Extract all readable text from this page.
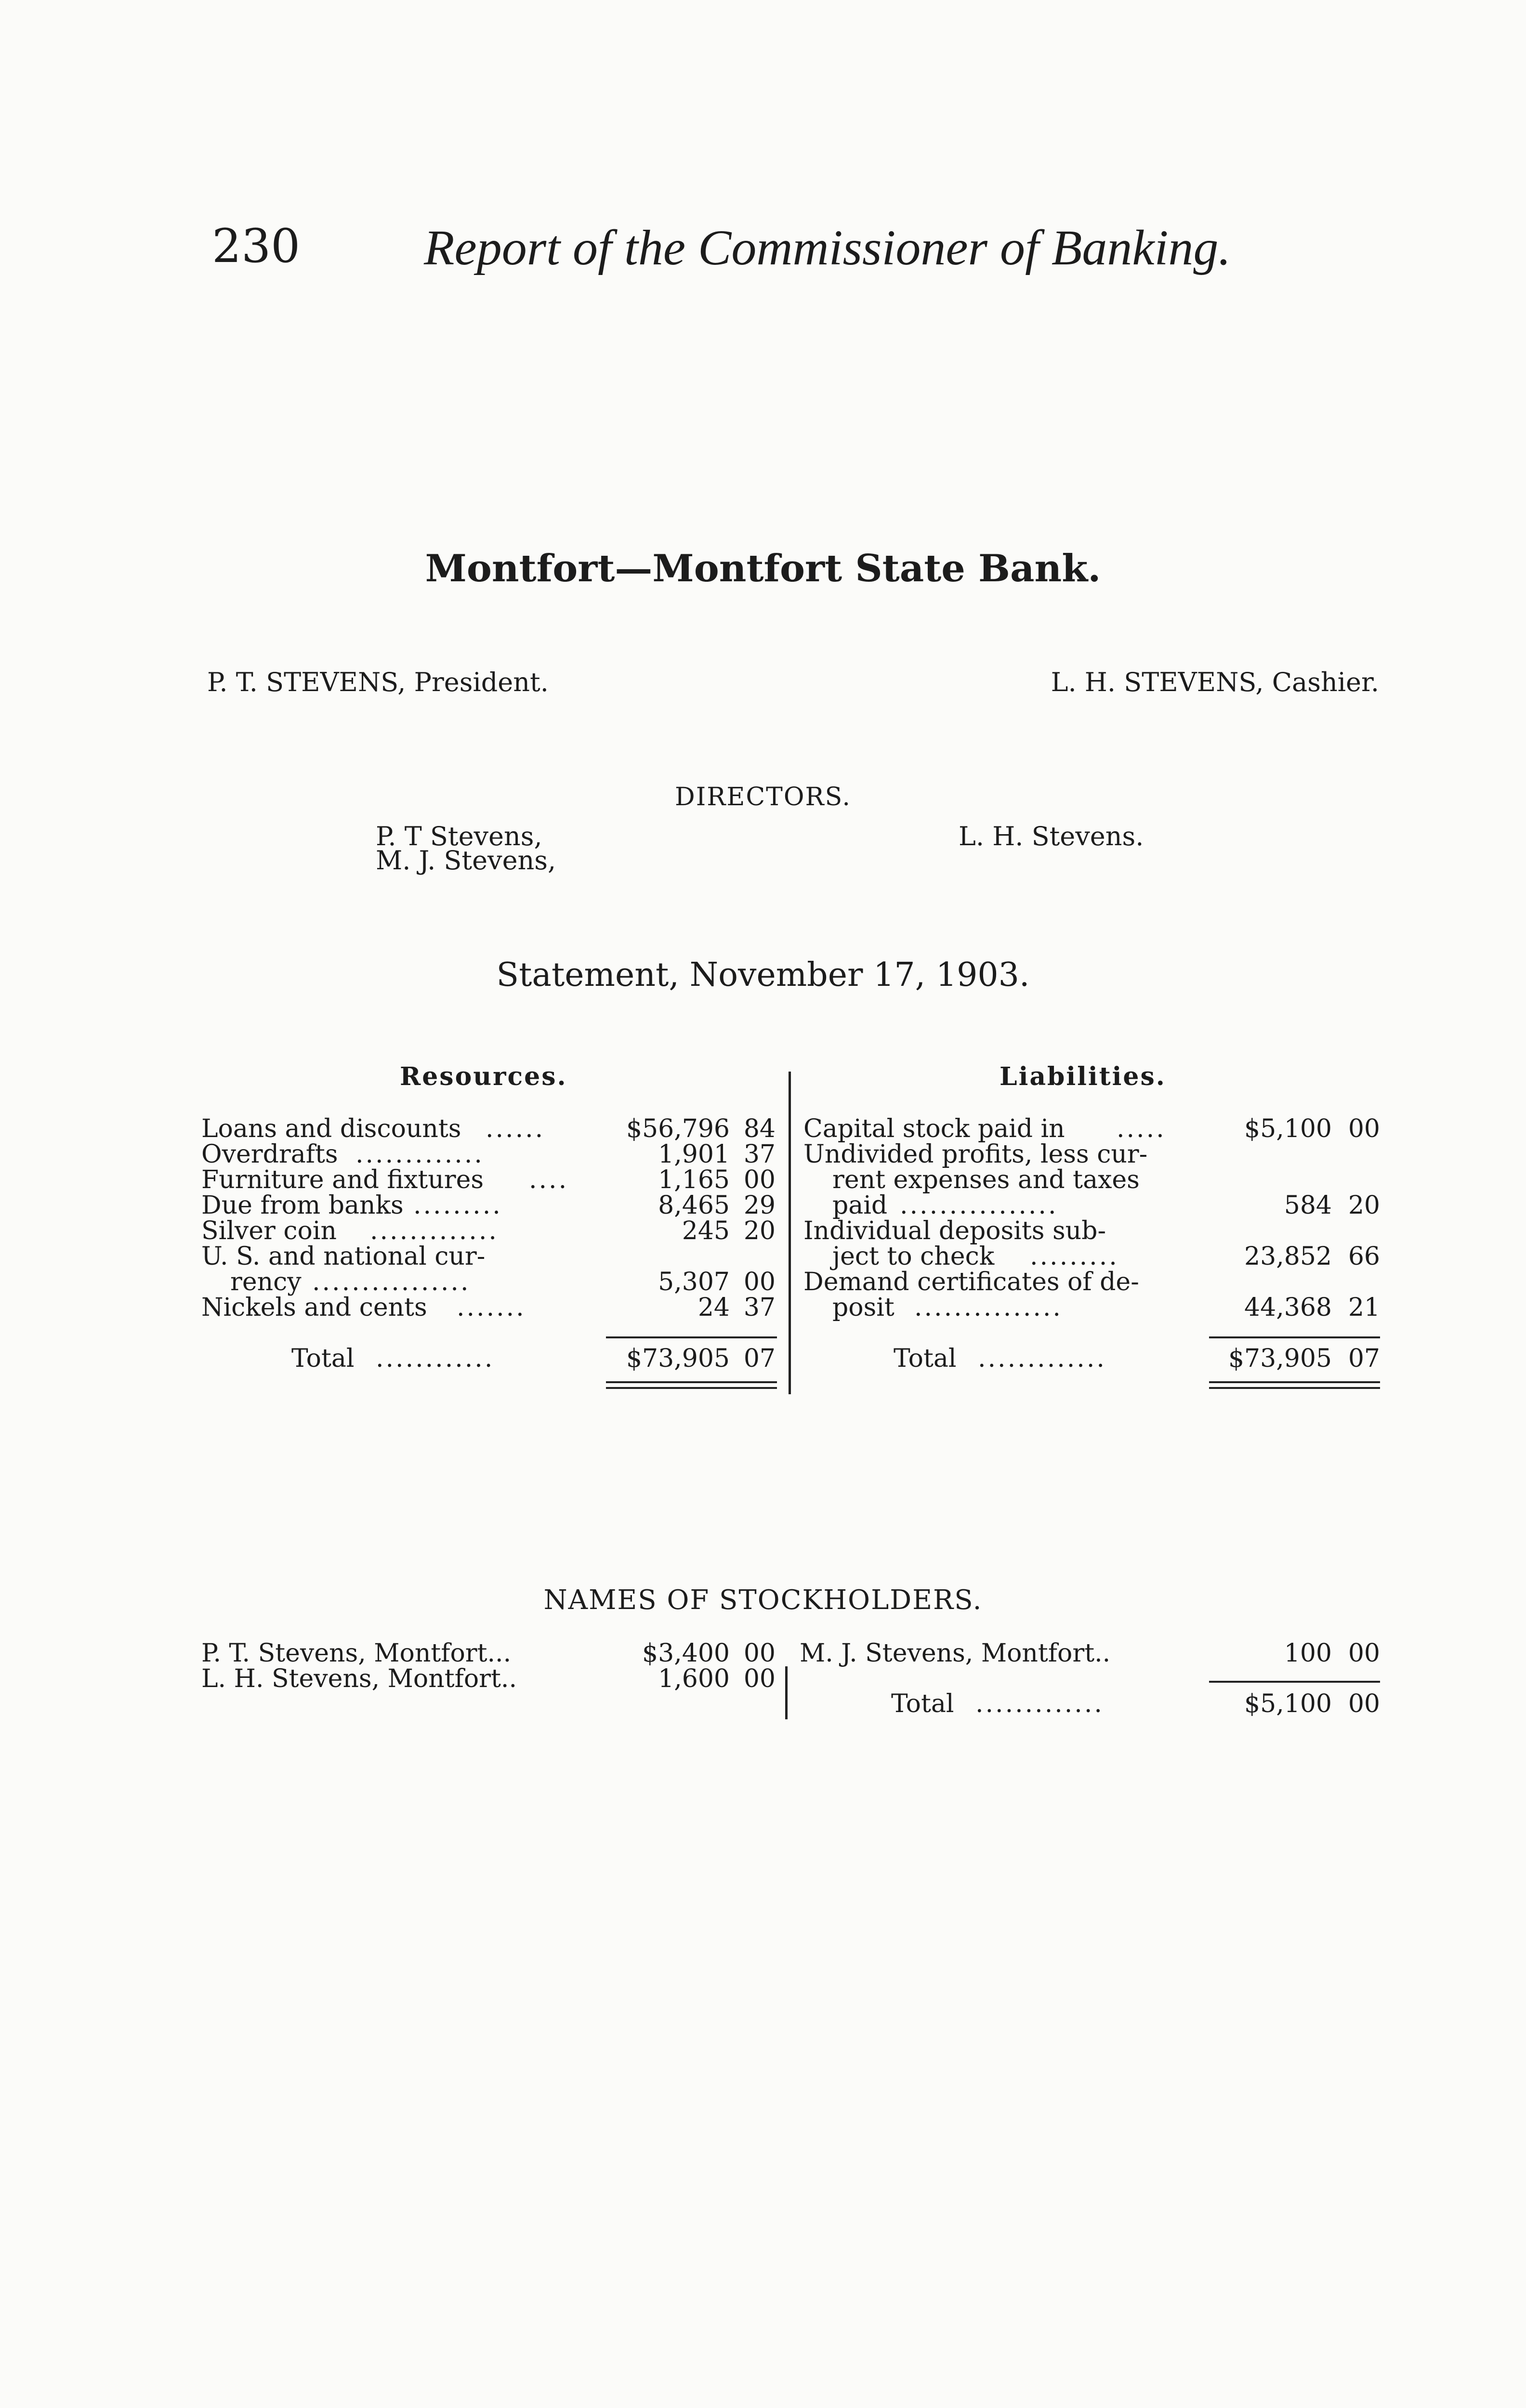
230 Report of the Commissioner of Banking.
Montfort—Montfort State Bank.
P. T. STEVENS, President.	L. H. STEVENS, Cashier.
DIRECTORS.
P. T Stevens,
M. J. Stevens,
L. H. Stevens.
Statement, November 17, 1903.
Resources.	Liabilities.
Loans and discounts ......	$56,796 84
Overdrafts .............	1,901 37
Furniture and fixtures ....	1,165 00
Due from banks .........	8,465 29
Silver coin .............	245 20
U. S. and national cur-
rency ................	5,307 00
Nickels and cents .......	24 37
Total ............	$73,905 07
Capital stock paid in .....	$5,100 00
Undivided profits, less cur-
rent expenses and taxes
paid ................	584 20
Individual deposits sub-
ject to check .........	23,852 66
Demand certificates of de-
posit ...............	44,368 21
Total .............	$73,905 07
NAMES OF STOCKHOLDERS.
P. T. Stevens, Montfort...	$3,400 00
L. H. Stevens, Montfort..	1,600 00
M. J. Stevens, Montfort..	100 00
Total .............	$5,100 00
